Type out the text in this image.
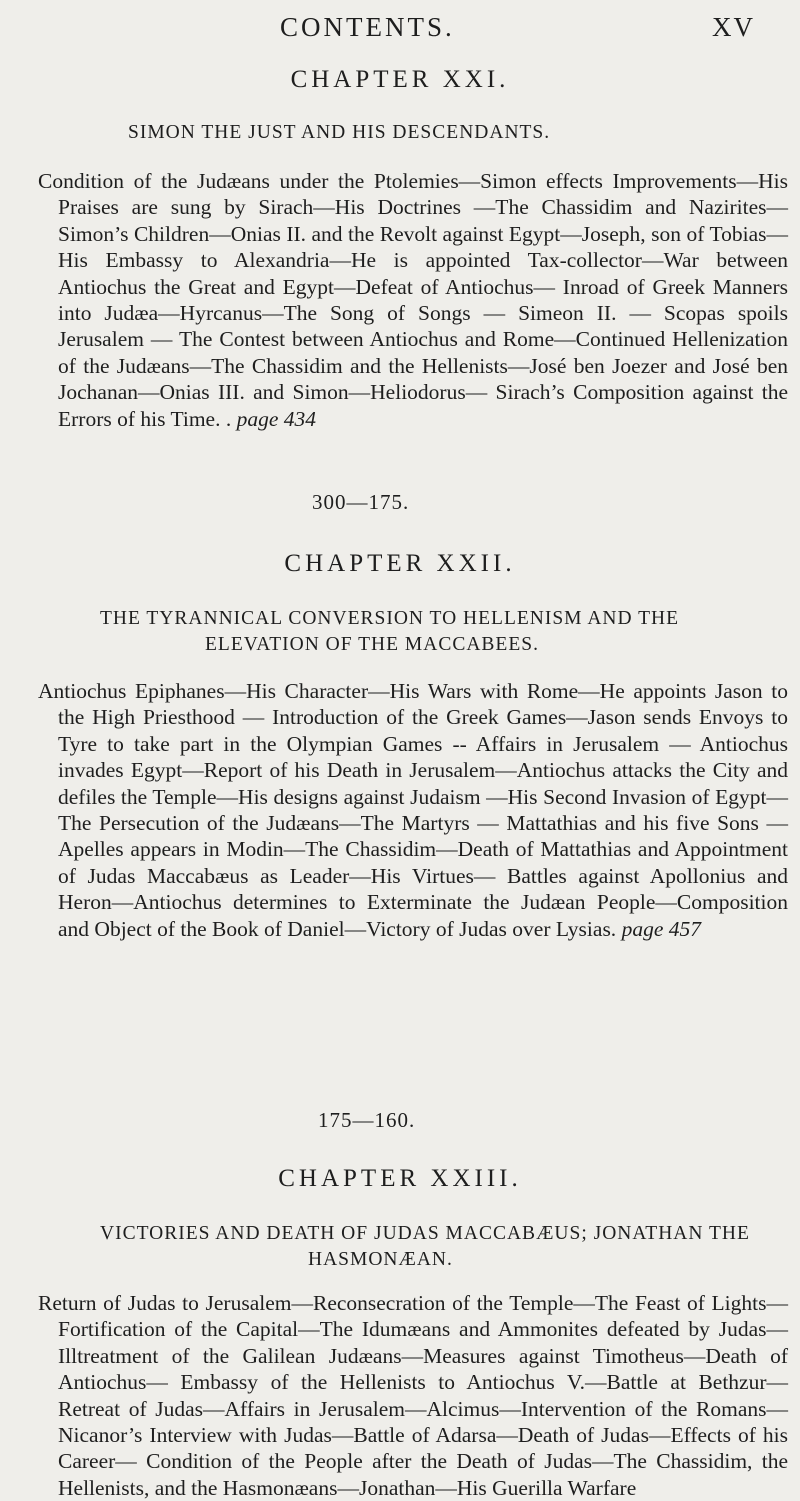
CONTENTS.	XV
CHAPTER XXI.
SIMON THE JUST AND HIS DESCENDANTS.
Condition of the Judæans under the Ptolemies—Simon effects Improvements—His Praises are sung by Sirach—His Doctrines —The Chassidim and Nazirites—Simon’s Children—Onias II. and the Revolt against Egypt—Joseph, son of Tobias—His Embassy to Alexandria—He is appointed Tax-collector—War between Antiochus the Great and Egypt—Defeat of Antiochus— Inroad of Greek Manners into Judæa—Hyrcanus—The Song of Songs — Simeon II. — Scopas spoils Jerusalem — The Contest between Antiochus and Rome—Continued Hellenization of the Judæans—The Chassidim and the Hellenists—José ben Joezer and José ben Jochanan—Onias III. and Simon—Heliodorus— Sirach’s Composition against the Errors of his Time. . page 434
300—175.
CHAPTER XXII.
THE TYRANNICAL CONVERSION TO HELLENISM AND THE
ELEVATION OF THE MACCABEES.
Antiochus Epiphanes—His Character—His Wars with Rome—He appoints Jason to the High Priesthood — Introduction of the Greek Games—Jason sends Envoys to Tyre to take part in the Olympian Games -- Affairs in Jerusalem — Antiochus invades Egypt—Report of his Death in Jerusalem—Antiochus attacks the City and defiles the Temple—His designs against Judaism —His Second Invasion of Egypt—The Persecution of the Judæans—The Martyrs — Mattathias and his five Sons — Apelles appears in Modin—The Chassidim—Death of Mattathias and Appointment of Judas Maccabæus as Leader—His Virtues— Battles against Apollonius and Heron—Antiochus determines to Exterminate the Judæan People—Composition and Object of the Book of Daniel—Victory of Judas over Lysias. page 457
175—160.
CHAPTER XXIII.
VICTORIES AND DEATH OF JUDAS MACCABÆUS; JONATHAN THE
HASMONÆAN.
Return of Judas to Jerusalem—Reconsecration of the Temple—The Feast of Lights—Fortification of the Capital—The Idumæans and Ammonites defeated by Judas—Illtreatment of the Galilean Judæans—Measures against Timotheus—Death of Antiochus— Embassy of the Hellenists to Antiochus V.—Battle at Bethzur— Retreat of Judas—Affairs in Jerusalem—Alcimus—Intervention of the Romans—Nicanor’s Interview with Judas—Battle of Adarsa—Death of Judas—Effects of his Career— Condition of the People after the Death of Judas—The Chassidim, the Hellenists, and the Hasmonæans—Jonathan—His Guerilla Warfare
